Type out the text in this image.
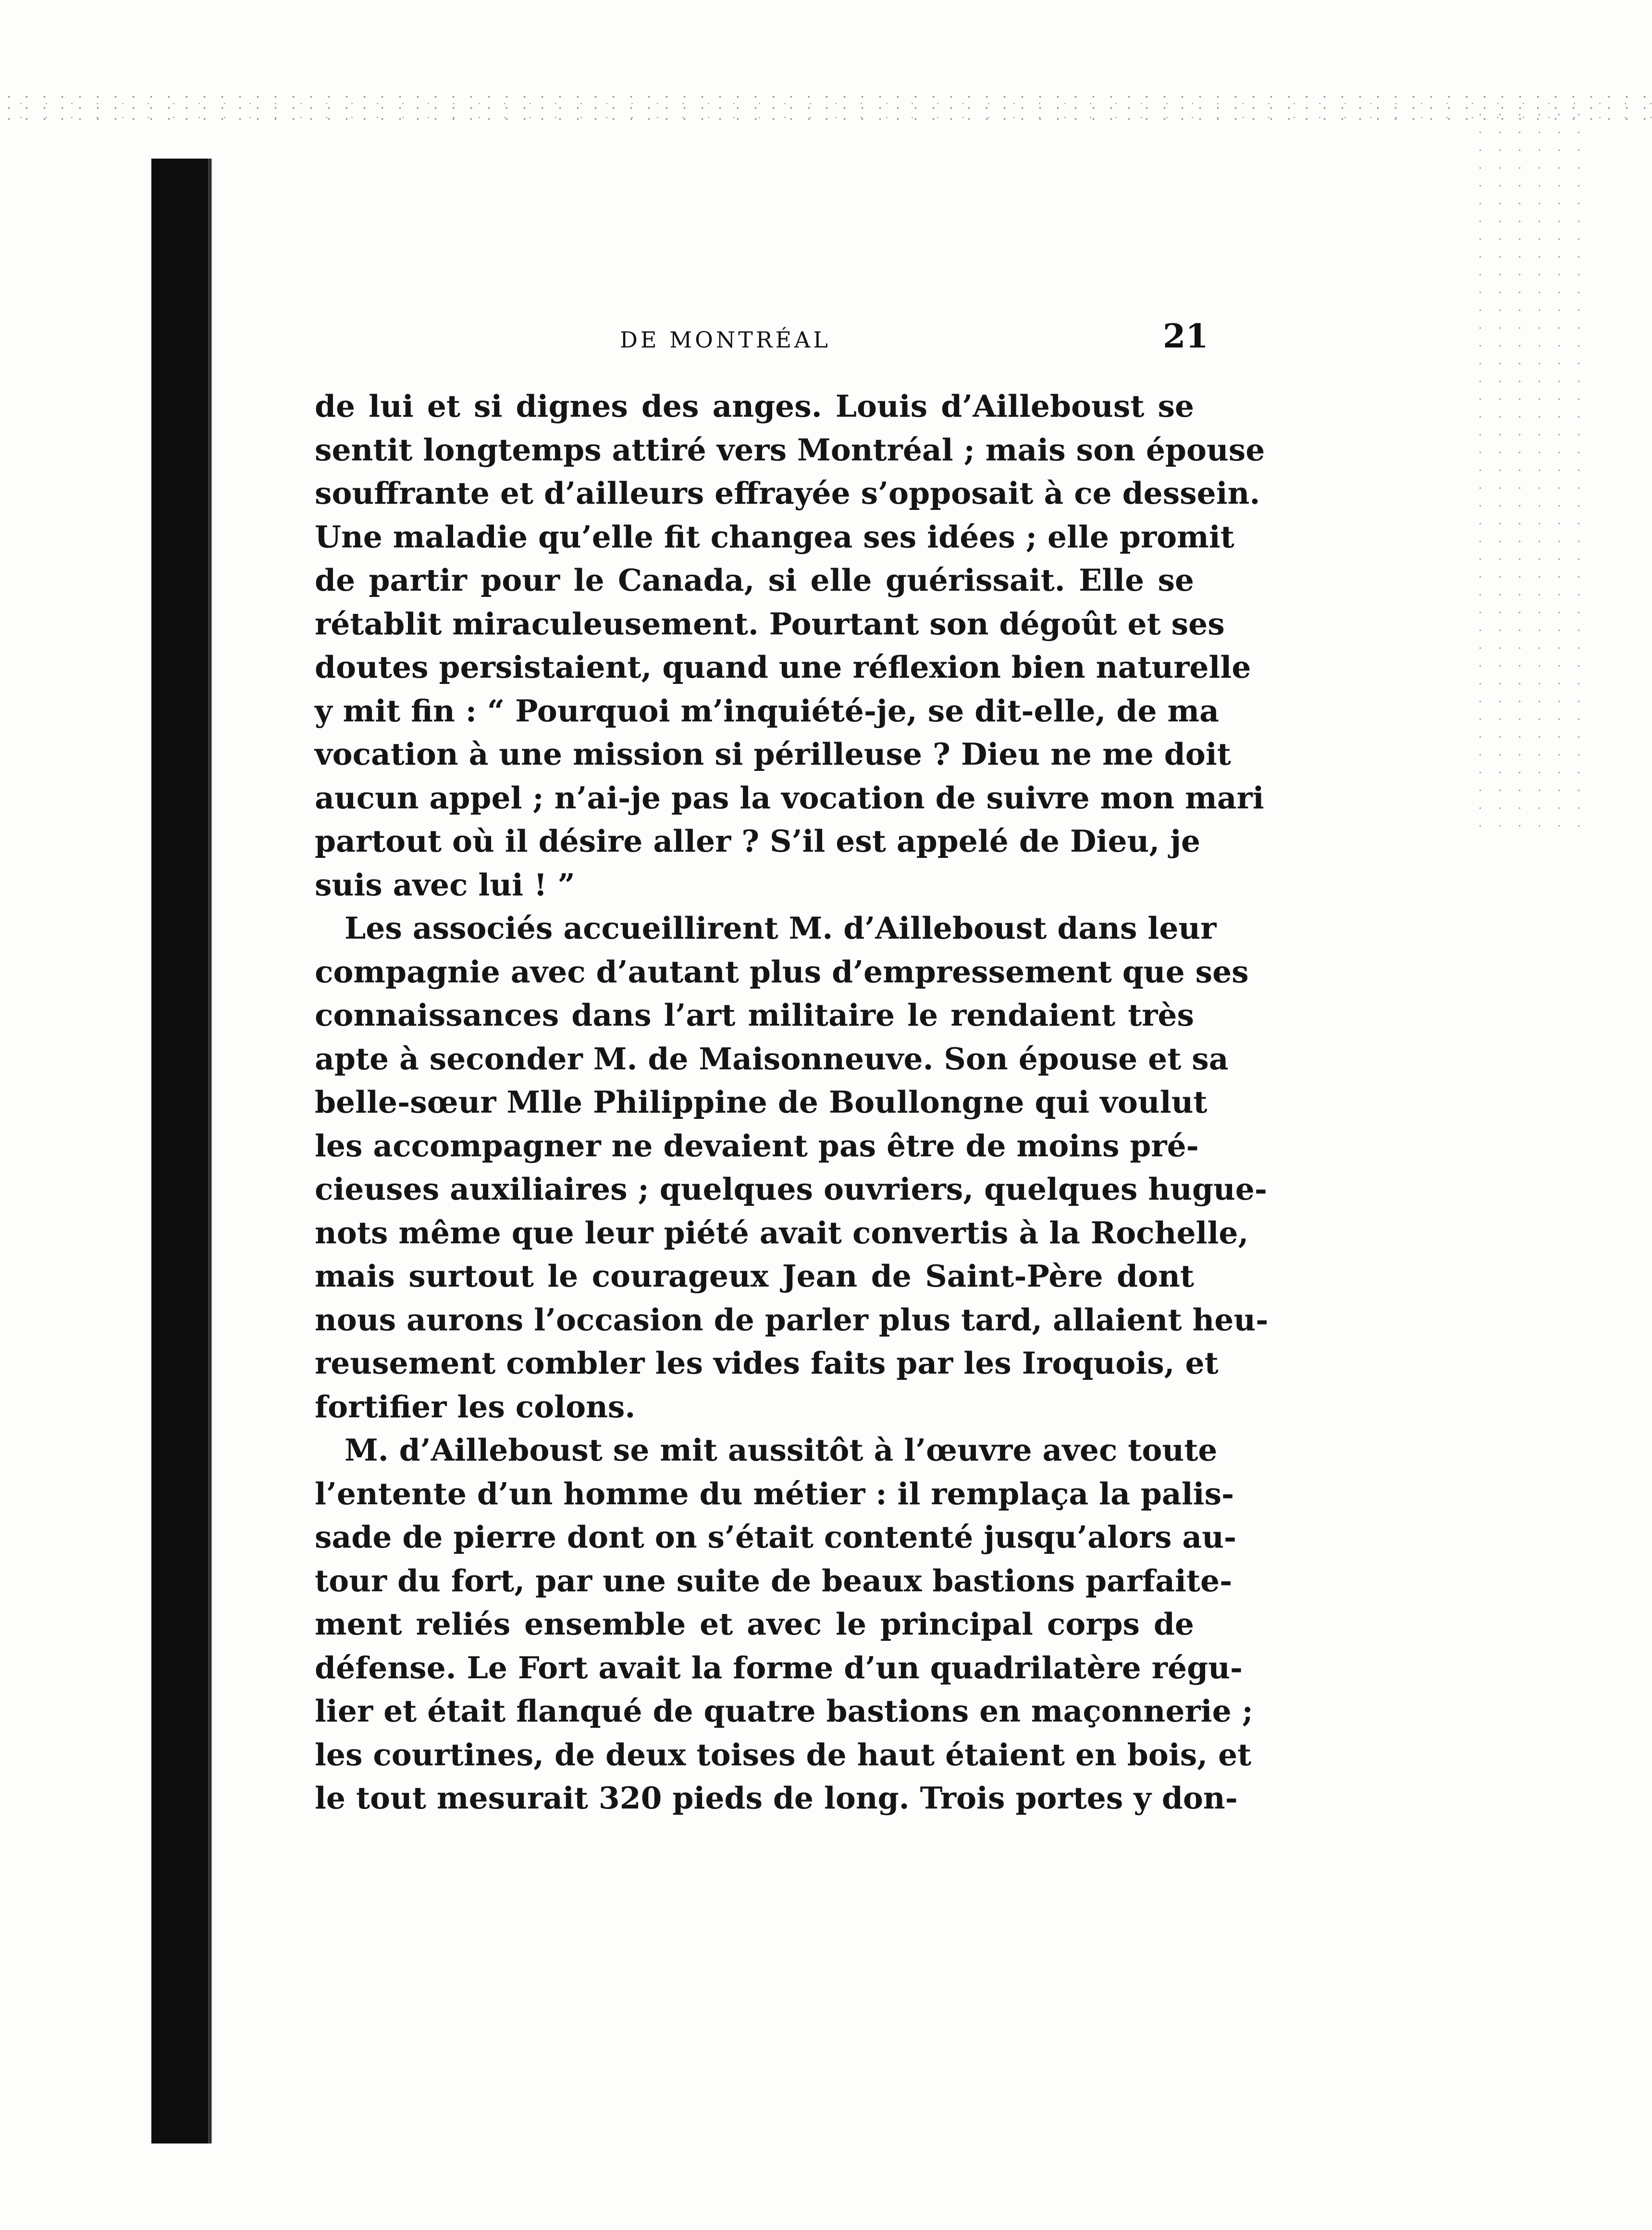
DE MONTRÉAL	21
de lui et si dignes des anges. Louis d’Ailleboust se
sentit longtemps attiré vers Montréal ; mais son épouse
souffrante et d’ailleurs effrayée s’opposait à ce dessein.
Une maladie qu’elle fit changea ses idées ; elle promit
de partir pour le Canada, si elle guérissait. Elle se
rétablit miraculeusement. Pourtant son dégoût et ses
doutes persistaient, quand une réflexion bien naturelle
y mit fin : “ Pourquoi m’inquiété-je, se dit-elle, de ma
vocation à une mission si périlleuse ? Dieu ne me doit
aucun appel ; n’ai-je pas la vocation de suivre mon mari
partout où il désire aller ? S’il est appelé de Dieu, je
suis avec lui ! ”
Les associés accueillirent M. d’Ailleboust dans leur
compagnie avec d’autant plus d’empressement que ses
connaissances dans l’art militaire le rendaient très
apte à seconder M. de Maisonneuve. Son épouse et sa
belle-sœur Mlle Philippine de Boullongne qui voulut
les accompagner ne devaient pas être de moins pré-
cieuses auxiliaires ; quelques ouvriers, quelques hugue-
nots même que leur piété avait convertis à la Rochelle,
mais surtout le courageux Jean de Saint-Père dont
nous aurons l’occasion de parler plus tard, allaient heu-
reusement combler les vides faits par les Iroquois, et
fortifier les colons.
M. d’Ailleboust se mit aussitôt à l’œuvre avec toute
l’entente d’un homme du métier : il remplaça la palis-
sade de pierre dont on s’était contenté jusqu’alors au-
tour du fort, par une suite de beaux bastions parfaite-
ment reliés ensemble et avec le principal corps de
défense. Le Fort avait la forme d’un quadrilatère régu-
lier et était flanqué de quatre bastions en maçonnerie ;
les courtines, de deux toises de haut étaient en bois, et
le tout mesurait 320 pieds de long. Trois portes y don-
